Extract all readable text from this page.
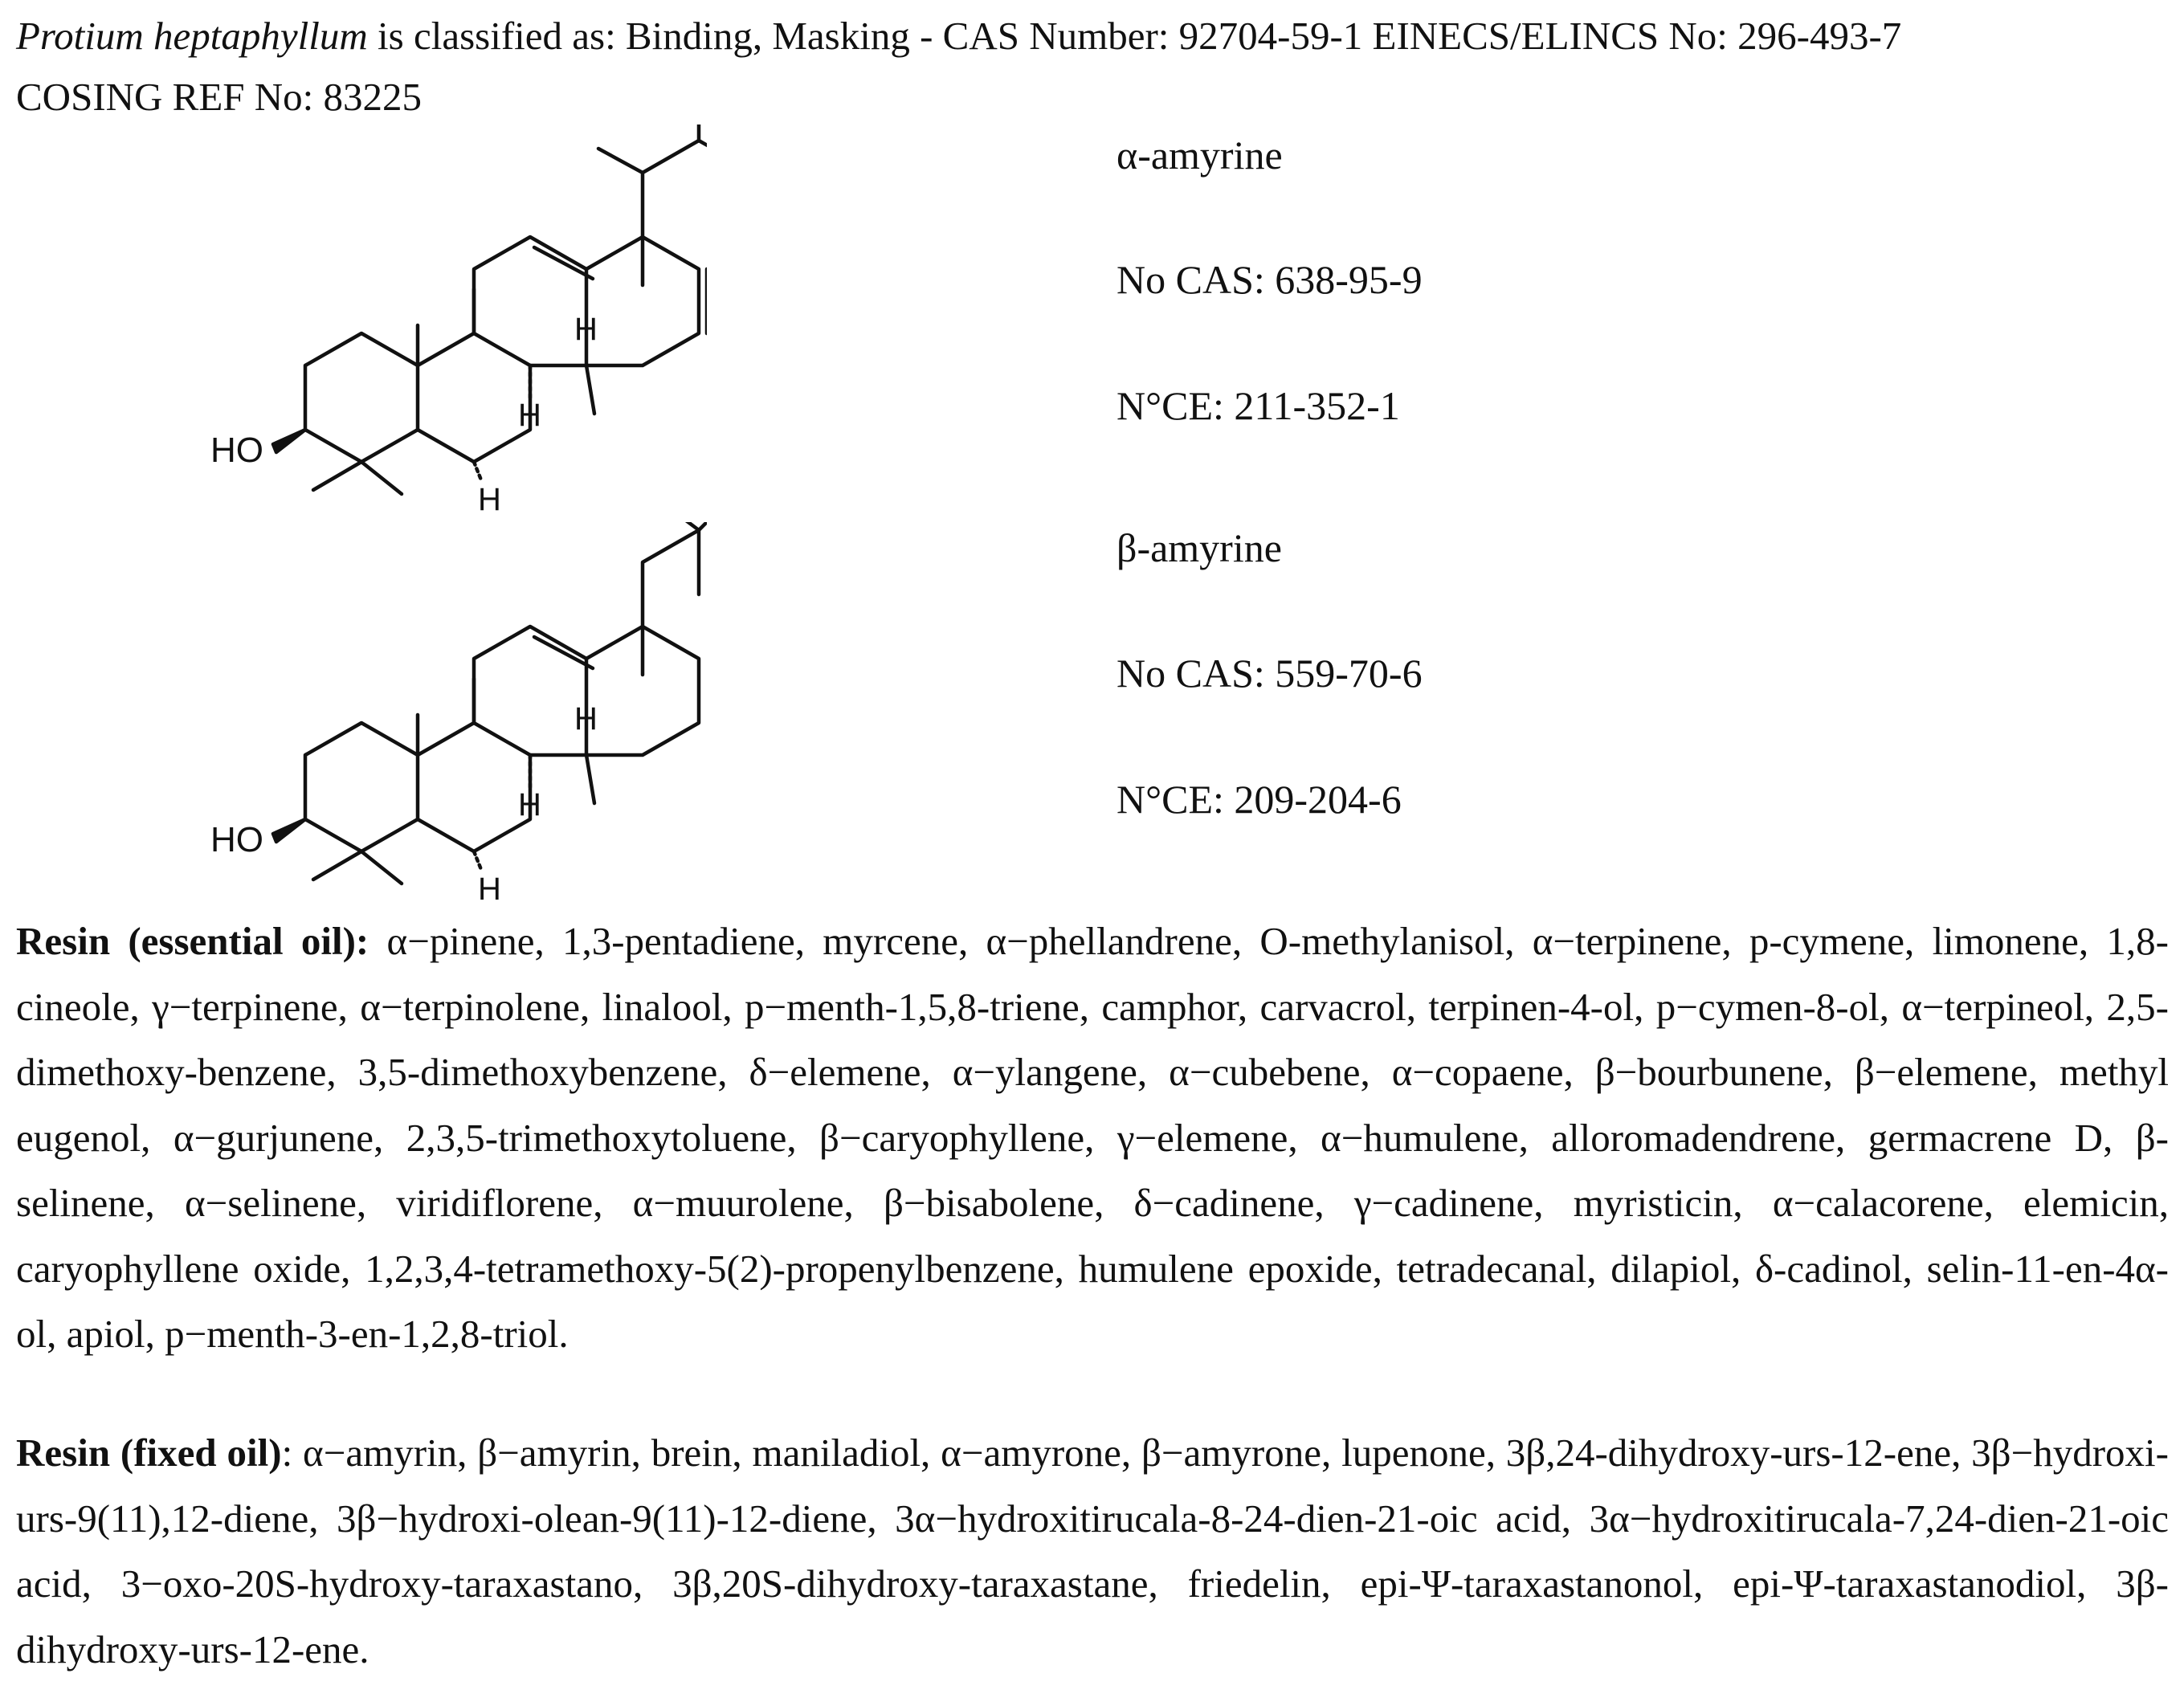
Protium heptaphyllum is classified as: Binding, Masking - CAS Number: 92704-59-1 EINECS/ELINCS No: 296-493-7
COSING REF No: 83225
HO
H
H
H
HO
H
H
H
α-amyrine
No CAS: 638-95-9
N°CE: 211-352-1
β-amyrine
No CAS: 559-70-6
N°CE: 209-204-6
Resin (essential oil): α−pinene, 1,3-pentadiene, myrcene, α−phellandrene, O-methylanisol, α−terpinene, p-cymene, limonene, 1,8-cineole, γ−terpinene, α−terpinolene, linalool, p−menth-1,5,8-triene, camphor, carvacrol, terpinen-4-ol, p−cymen-8-ol, α−terpineol, 2,5-dimethoxy-benzene, 3,5-dimethoxybenzene, δ−elemene, α−ylangene, α−cubebene, α−copaene, β−bourbunene, β−elemene, methyl eugenol, α−gurjunene, 2,3,5-trimethoxytoluene, β−caryophyllene, γ−elemene, α−humulene, alloromadendrene, germacrene D, β-selinene, α−selinene, viridiflorene, α−muurolene, β−bisabolene, δ−cadinene, γ−cadinene, myristicin, α−calacorene, elemicin, caryophyllene oxide, 1,2,3,4-tetramethoxy-5(2)-propenylbenzene, humulene epoxide, tetradecanal, dilapiol, δ-cadinol, selin-11-en-4α-ol, apiol, p−menth-3-en-1,2,8-triol.
Resin (fixed oil): α−amyrin, β−amyrin, brein, maniladiol, α−amyrone, β−amyrone, lupenone, 3β,24-dihydroxy-urs-12-ene, 3β−hydroxi-urs-9(11),12-diene, 3β−hydroxi-olean-9(11)-12-diene, 3α−hydroxitirucala-8-24-dien-21-oic acid, 3α−hydroxitirucala-7,24-dien-21-oic acid, 3−oxo-20S-hydroxy-taraxastano, 3β,20S-dihydroxy-taraxastane, friedelin, epi-Ψ-taraxastanonol, epi-Ψ-taraxastanodiol, 3β-dihydroxy-urs-12-ene.
